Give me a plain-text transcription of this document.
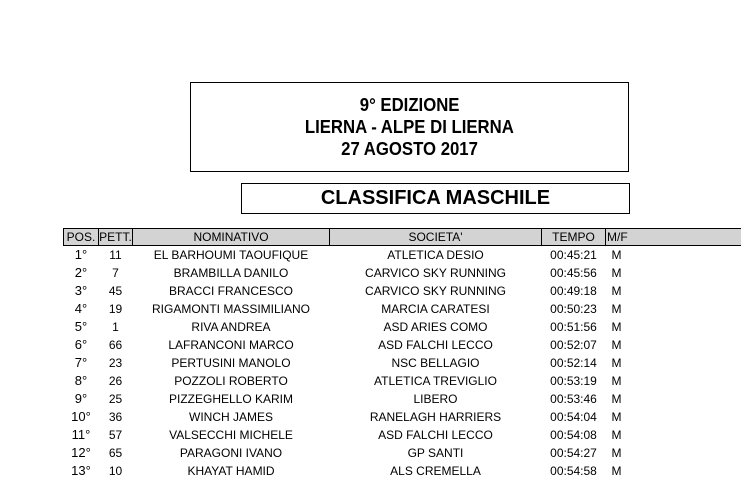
9° EDIZIONE
LIERNA - ALPE DI LIERNA
27 AGOSTO 2017
CLASSIFICA MASCHILE
POS.	PETT.	NOMINATIVO	SOCIETA'	TEMPO	M/F
1°	11	EL BARHOUMI TAOUFIQUE	ATLETICA DESIO	00:45:21	M
2°	7	BRAMBILLA DANILO	CARVICO SKY RUNNING	00:45:56	M
3°	45	BRACCI FRANCESCO	CARVICO SKY RUNNING	00:49:18	M
4°	19	RIGAMONTI MASSIMILIANO	MARCIA CARATESI	00:50:23	M
5°	1	RIVA ANDREA	ASD ARIES COMO	00:51:56	M
6°	66	LAFRANCONI MARCO	ASD FALCHI LECCO	00:52:07	M
7°	23	PERTUSINI MANOLO	NSC BELLAGIO	00:52:14	M
8°	26	POZZOLI ROBERTO	ATLETICA TREVIGLIO	00:53:19	M
9°	25	PIZZEGHELLO KARIM	LIBERO	00:53:46	M
10°	36	WINCH JAMES	RANELAGH HARRIERS	00:54:04	M
11°	57	VALSECCHI MICHELE	ASD FALCHI LECCO	00:54:08	M
12°	65	PARAGONI IVANO	GP SANTI	00:54:27	M
13°	10	KHAYAT HAMID	ALS CREMELLA	00:54:58	M
